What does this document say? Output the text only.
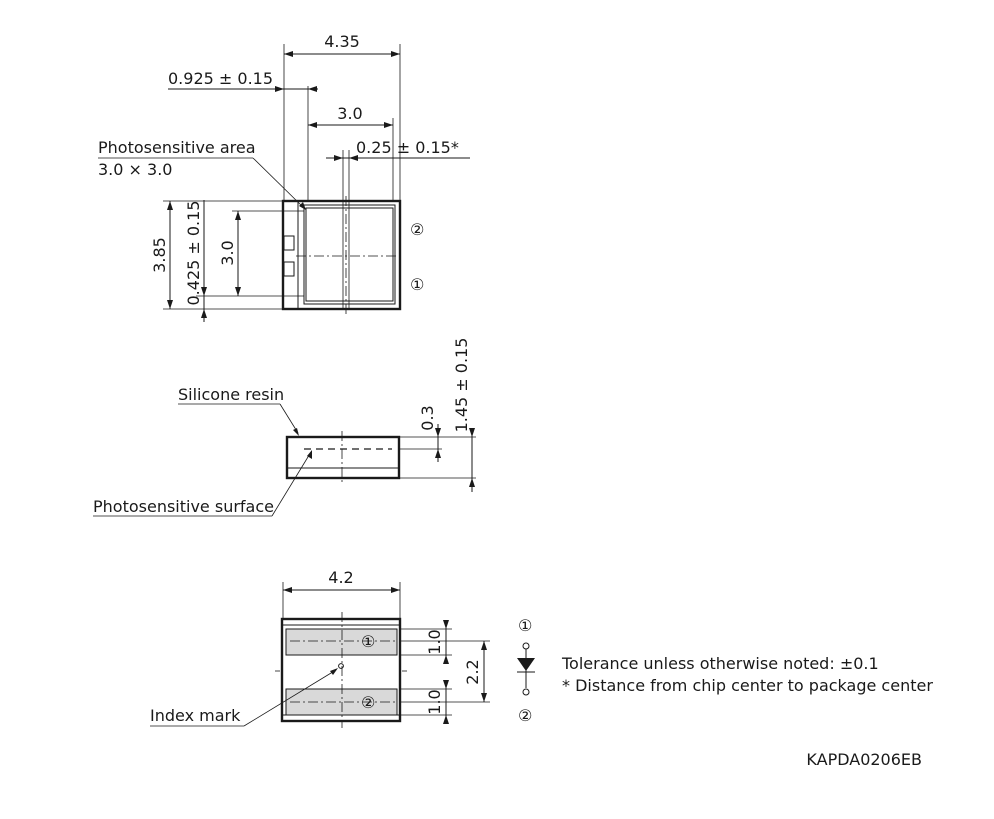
4.35
0.925 ± 0.15
3.0
0.25 ± 0.15*
Photosensitive area
3.0 × 3.0
3.85 0.425 ± 0.15 3.0
②
①
0.3 1.45 ± 0.15
Silicone resin
Photosensitive surface
4.2
①
②
1.0
1.0
2.2
Index mark
①
②
Tolerance unless otherwise noted: ±0.1
* Distance from chip center to package center
KAPDA0206EB
